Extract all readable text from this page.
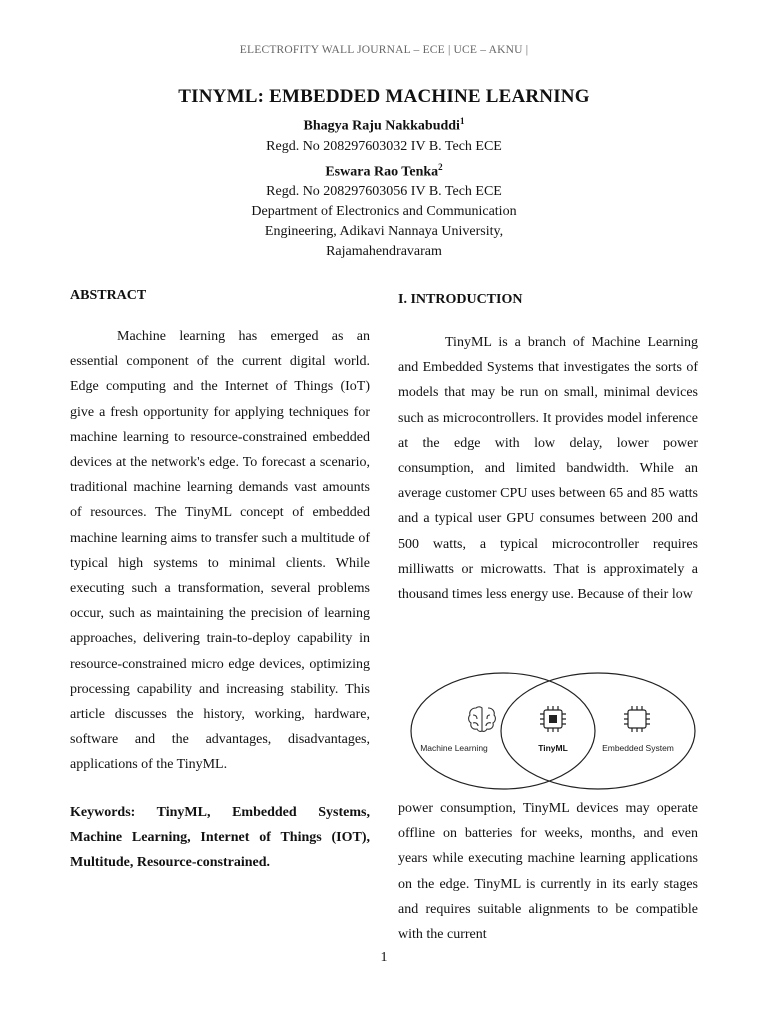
ELECTROFITY WALL JOURNAL – ECE | UCE – AKNU |
TINYML: EMBEDDED MACHINE LEARNING
Bhagya Raju Nakkabuddi$^1$
Regd. No 208297603032 IV B. Tech ECE
Eswara Rao Tenka$^2$
Regd. No 208297603056 IV B. Tech ECE
Department of Electronics and Communication Engineering, Adikavi Nannaya University, Rajamahendravaram
ABSTRACT

Machine learning has emerged as an essential component of the current digital world. Edge computing and the Internet of Things (IoT) give a fresh opportunity for applying techniques for machine learning to resource-constrained embedded devices at the network's edge. To forecast a scenario, traditional machine learning demands vast amounts of resources. The TinyML concept of embedded machine learning aims to transfer such a multitude of typical high systems to minimal clients. While executing such a transformation, several problems occur, such as maintaining the precision of learning approaches, delivering train-to-deploy capability in resource-constrained micro edge devices, optimizing processing capability and increasing stability. This article discusses the history, working, hardware, software and the advantages, disadvantages, applications of the TinyML.

Keywords: TinyML, Embedded Systems, Machine Learning, Internet of Things (IOT), Multitude, Resource-constrained.

I. INTRODUCTION

TinyML is a branch of Machine Learning and Embedded Systems that investigates the sorts of models that may be run on small, minimal devices such as microcontrollers. It provides model inference at the edge with low delay, lower power consumption, and limited bandwidth. While an average customer CPU uses between 65 and 85 watts and a typical user GPU consumes between 200 and 500 watts, a typical microcontroller requires milliwatts or microwatts. That is approximately a thousand times less energy use. Because of their low

Machine Learning	TinyML	Embedded System

power consumption, TinyML devices may operate offline on batteries for weeks, months, and even years while executing machine learning applications on the edge. TinyML is currently in its early stages and requires suitable alignments to be compatible with the current

1
